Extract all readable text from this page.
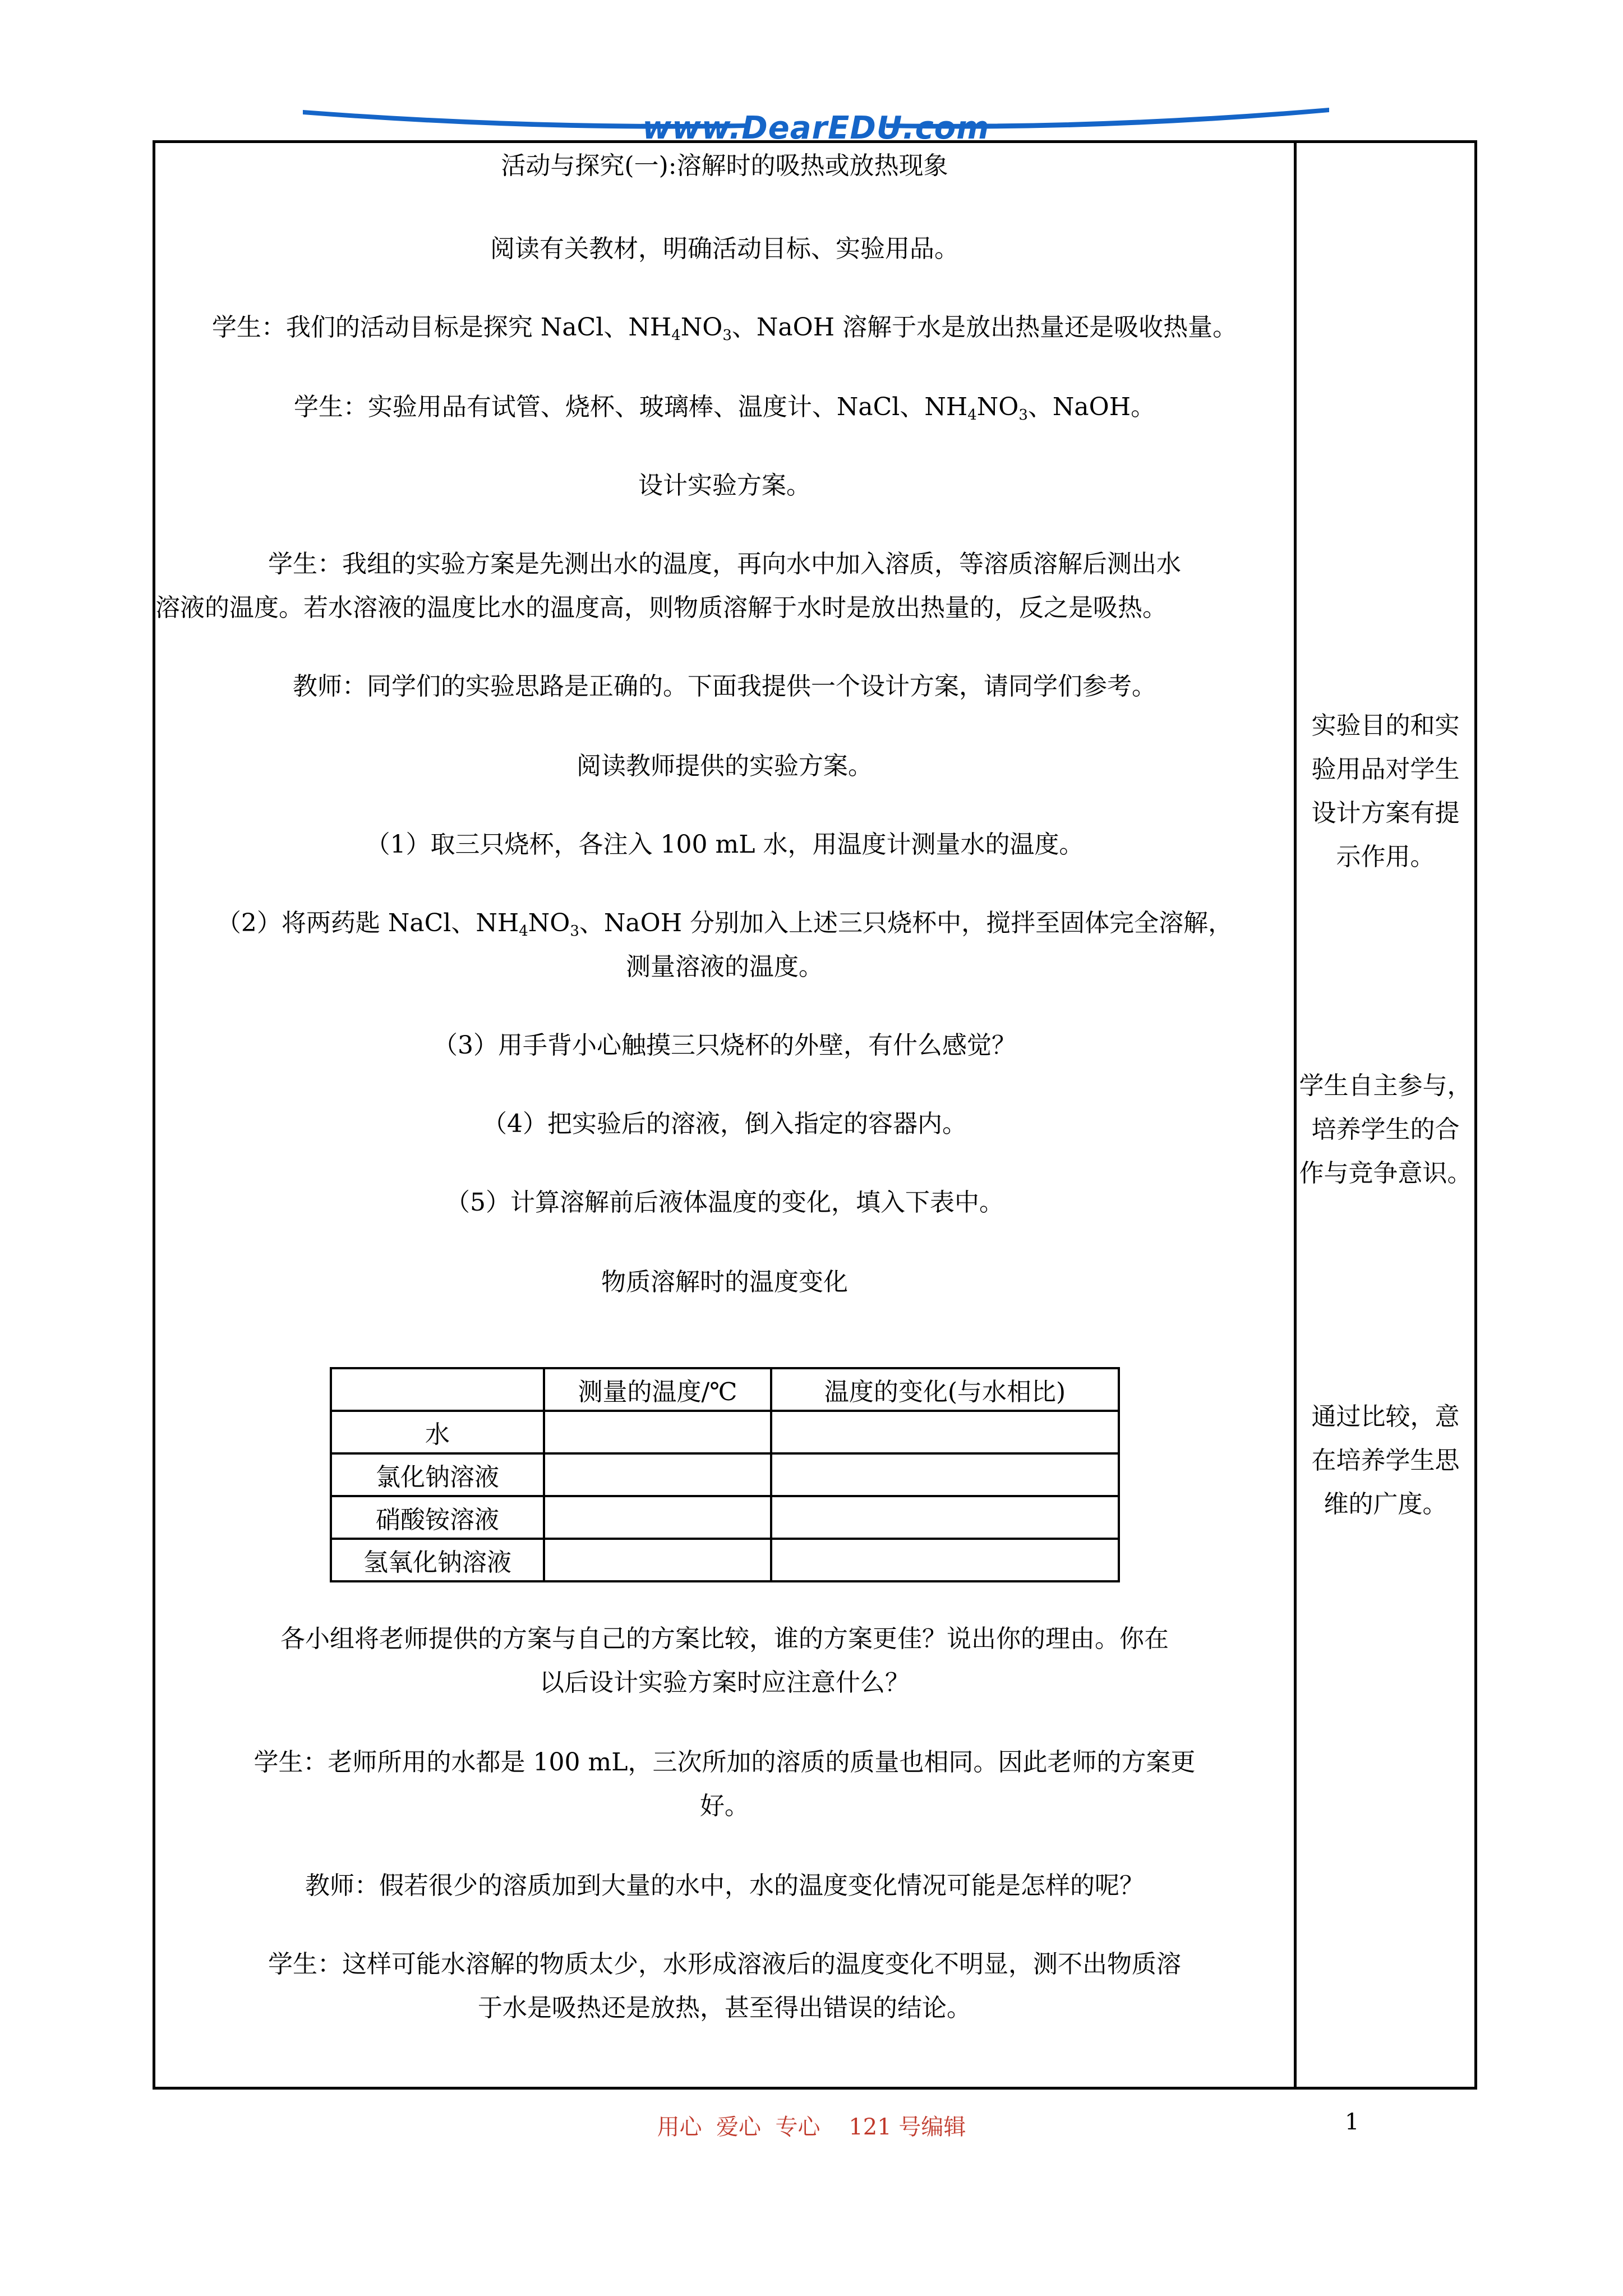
www.DearEDU.com
活动与探究(一):溶解时的吸热或放热现象
阅读有关教材，明确活动目标、实验用品。
学生：我们的活动目标是探究 NaCl、$NH_4NO_3$、NaOH 溶解于水是放出热量还是吸收热量。
学生：实验用品有试管、烧杯、玻璃棒、温度计、NaCl、$NH_4NO_3$、NaOH。
设计实验方案。
学生：我组的实验方案是先测出水的温度，再向水中加入溶质，等溶质溶解后测出水
溶液的温度。若水溶液的温度比水的温度高，则物质溶解于水时是放出热量的，反之是吸热。
教师：同学们的实验思路是正确的。下面我提供一个设计方案，请同学们参考。
阅读教师提供的实验方案。
（1）取三只烧杯，各注入 100 mL 水，用温度计测量水的温度。
（2）将两药匙 NaCl、$NH_4NO_3$、NaOH 分别加入上述三只烧杯中，搅拌至固体完全溶解，
测量溶液的温度。
（3）用手背小心触摸三只烧杯的外壁，有什么感觉？
（4）把实验后的溶液，倒入指定的容器内。
（5）计算溶解前后液体温度的变化，填入下表中。
物质溶解时的温度变化
各小组将老师提供的方案与自己的方案比较，谁的方案更佳？说出你的理由。你在
以后设计实验方案时应注意什么？
学生：老师所用的水都是 100 mL，三次所加的溶质的质量也相同。因此老师的方案更
好。
教师：假若很少的溶质加到大量的水中，水的温度变化情况可能是怎样的呢？
学生：这样可能水溶解的物质太少，水形成溶液后的温度变化不明显，测不出物质溶
于水是吸热还是放热，甚至得出错误的结论。
	测量的温度/℃	温度的变化(与水相比)
水		
氯化钠溶液		
硝酸铵溶液		
氢氧化钠溶液		
实验目的和实
验用品对学生
设计方案有提
示作用。
学生自主参与，
培养学生的合
作与竞争意识。
通过比较，意
在培养学生思
维的广度。
用心  爱心  专心    121 号编辑	1
